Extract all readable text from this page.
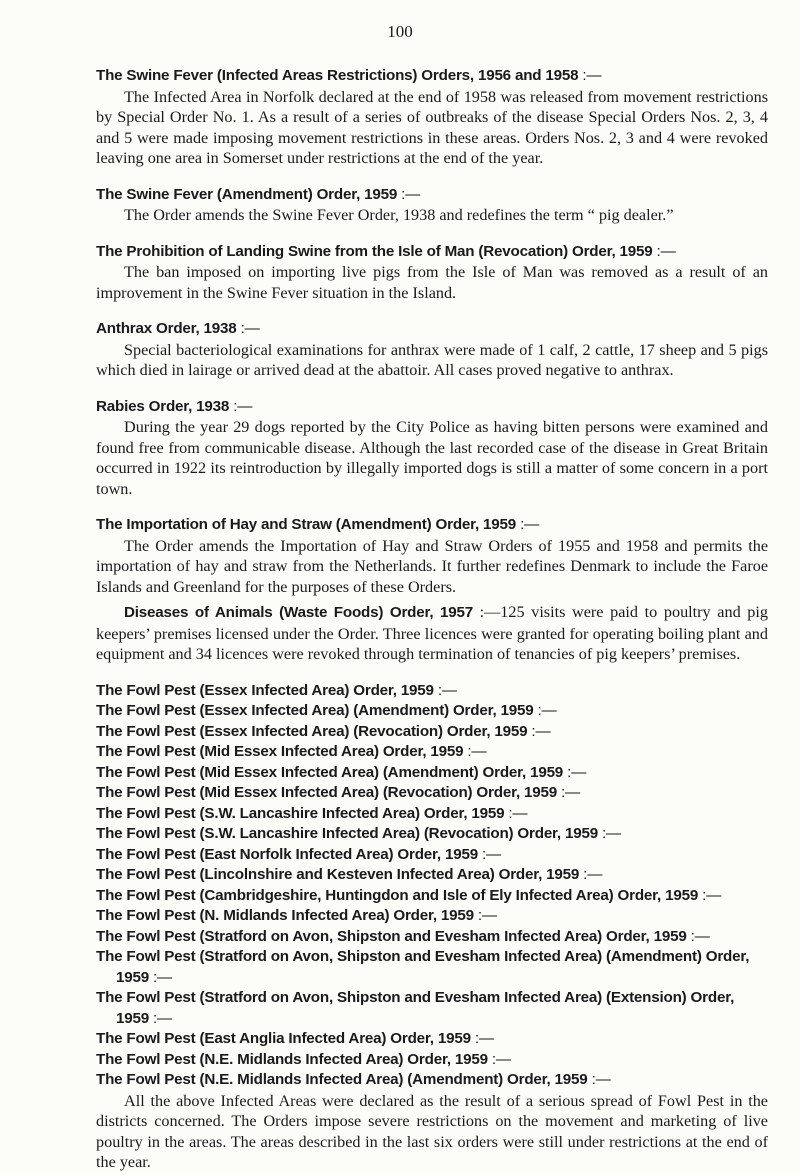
100
The Swine Fever (Infected Areas Restrictions) Orders, 1956 and 1958 :—
The Infected Area in Norfolk declared at the end of 1958 was released from movement restrictions by Special Order No. 1. As a result of a series of outbreaks of the disease Special Orders Nos. 2, 3, 4 and 5 were made imposing movement restrictions in these areas. Orders Nos. 2, 3 and 4 were revoked leaving one area in Somerset under restrictions at the end of the year.
The Swine Fever (Amendment) Order, 1959 :—
The Order amends the Swine Fever Order, 1938 and redefines the term “ pig dealer.”
The Prohibition of Landing Swine from the Isle of Man (Revocation) Order, 1959 :—
The ban imposed on importing live pigs from the Isle of Man was removed as a result of an improvement in the Swine Fever situation in the Island.
Anthrax Order, 1938 :—
Special bacteriological examinations for anthrax were made of 1 calf, 2 cattle, 17 sheep and 5 pigs which died in lairage or arrived dead at the abattoir. All cases proved negative to anthrax.
Rabies Order, 1938 :—
During the year 29 dogs reported by the City Police as having bitten persons were examined and found free from communicable disease. Although the last recorded case of the disease in Great Britain occurred in 1922 its reintroduction by illegally imported dogs is still a matter of some concern in a port town.
The Importation of Hay and Straw (Amendment) Order, 1959 :—
The Order amends the Importation of Hay and Straw Orders of 1955 and 1958 and permits the importation of hay and straw from the Netherlands. It further redefines Denmark to include the Faroe Islands and Greenland for the purposes of these Orders.
Diseases of Animals (Waste Foods) Order, 1957 :—125 visits were paid to poultry and pig keepers’ premises licensed under the Order. Three licences were granted for operating boiling plant and equipment and 34 licences were revoked through termination of tenancies of pig keepers’ premises.
The Fowl Pest (Essex Infected Area) Order, 1959 :—
The Fowl Pest (Essex Infected Area) (Amendment) Order, 1959 :—
The Fowl Pest (Essex Infected Area) (Revocation) Order, 1959 :—
The Fowl Pest (Mid Essex Infected Area) Order, 1959 :—
The Fowl Pest (Mid Essex Infected Area) (Amendment) Order, 1959 :—
The Fowl Pest (Mid Essex Infected Area) (Revocation) Order, 1959 :—
The Fowl Pest (S.W. Lancashire Infected Area) Order, 1959 :—
The Fowl Pest (S.W. Lancashire Infected Area) (Revocation) Order, 1959 :—
The Fowl Pest (East Norfolk Infected Area) Order, 1959 :—
The Fowl Pest (Lincolnshire and Kesteven Infected Area) Order, 1959 :—
The Fowl Pest (Cambridgeshire, Huntingdon and Isle of Ely Infected Area) Order, 1959 :—
The Fowl Pest (N. Midlands Infected Area) Order, 1959 :—
The Fowl Pest (Stratford on Avon, Shipston and Evesham Infected Area) Order, 1959 :—
The Fowl Pest (Stratford on Avon, Shipston and Evesham Infected Area) (Amendment) Order, 1959 :—
The Fowl Pest (Stratford on Avon, Shipston and Evesham Infected Area) (Extension) Order, 1959 :—
The Fowl Pest (East Anglia Infected Area) Order, 1959 :—
The Fowl Pest (N.E. Midlands Infected Area) Order, 1959 :—
The Fowl Pest (N.E. Midlands Infected Area) (Amendment) Order, 1959 :—
All the above Infected Areas were declared as the result of a serious spread of Fowl Pest in the districts concerned. The Orders impose severe restrictions on the movement and marketing of live poultry in the areas. The areas described in the last six orders were still under restrictions at the end of the year.
